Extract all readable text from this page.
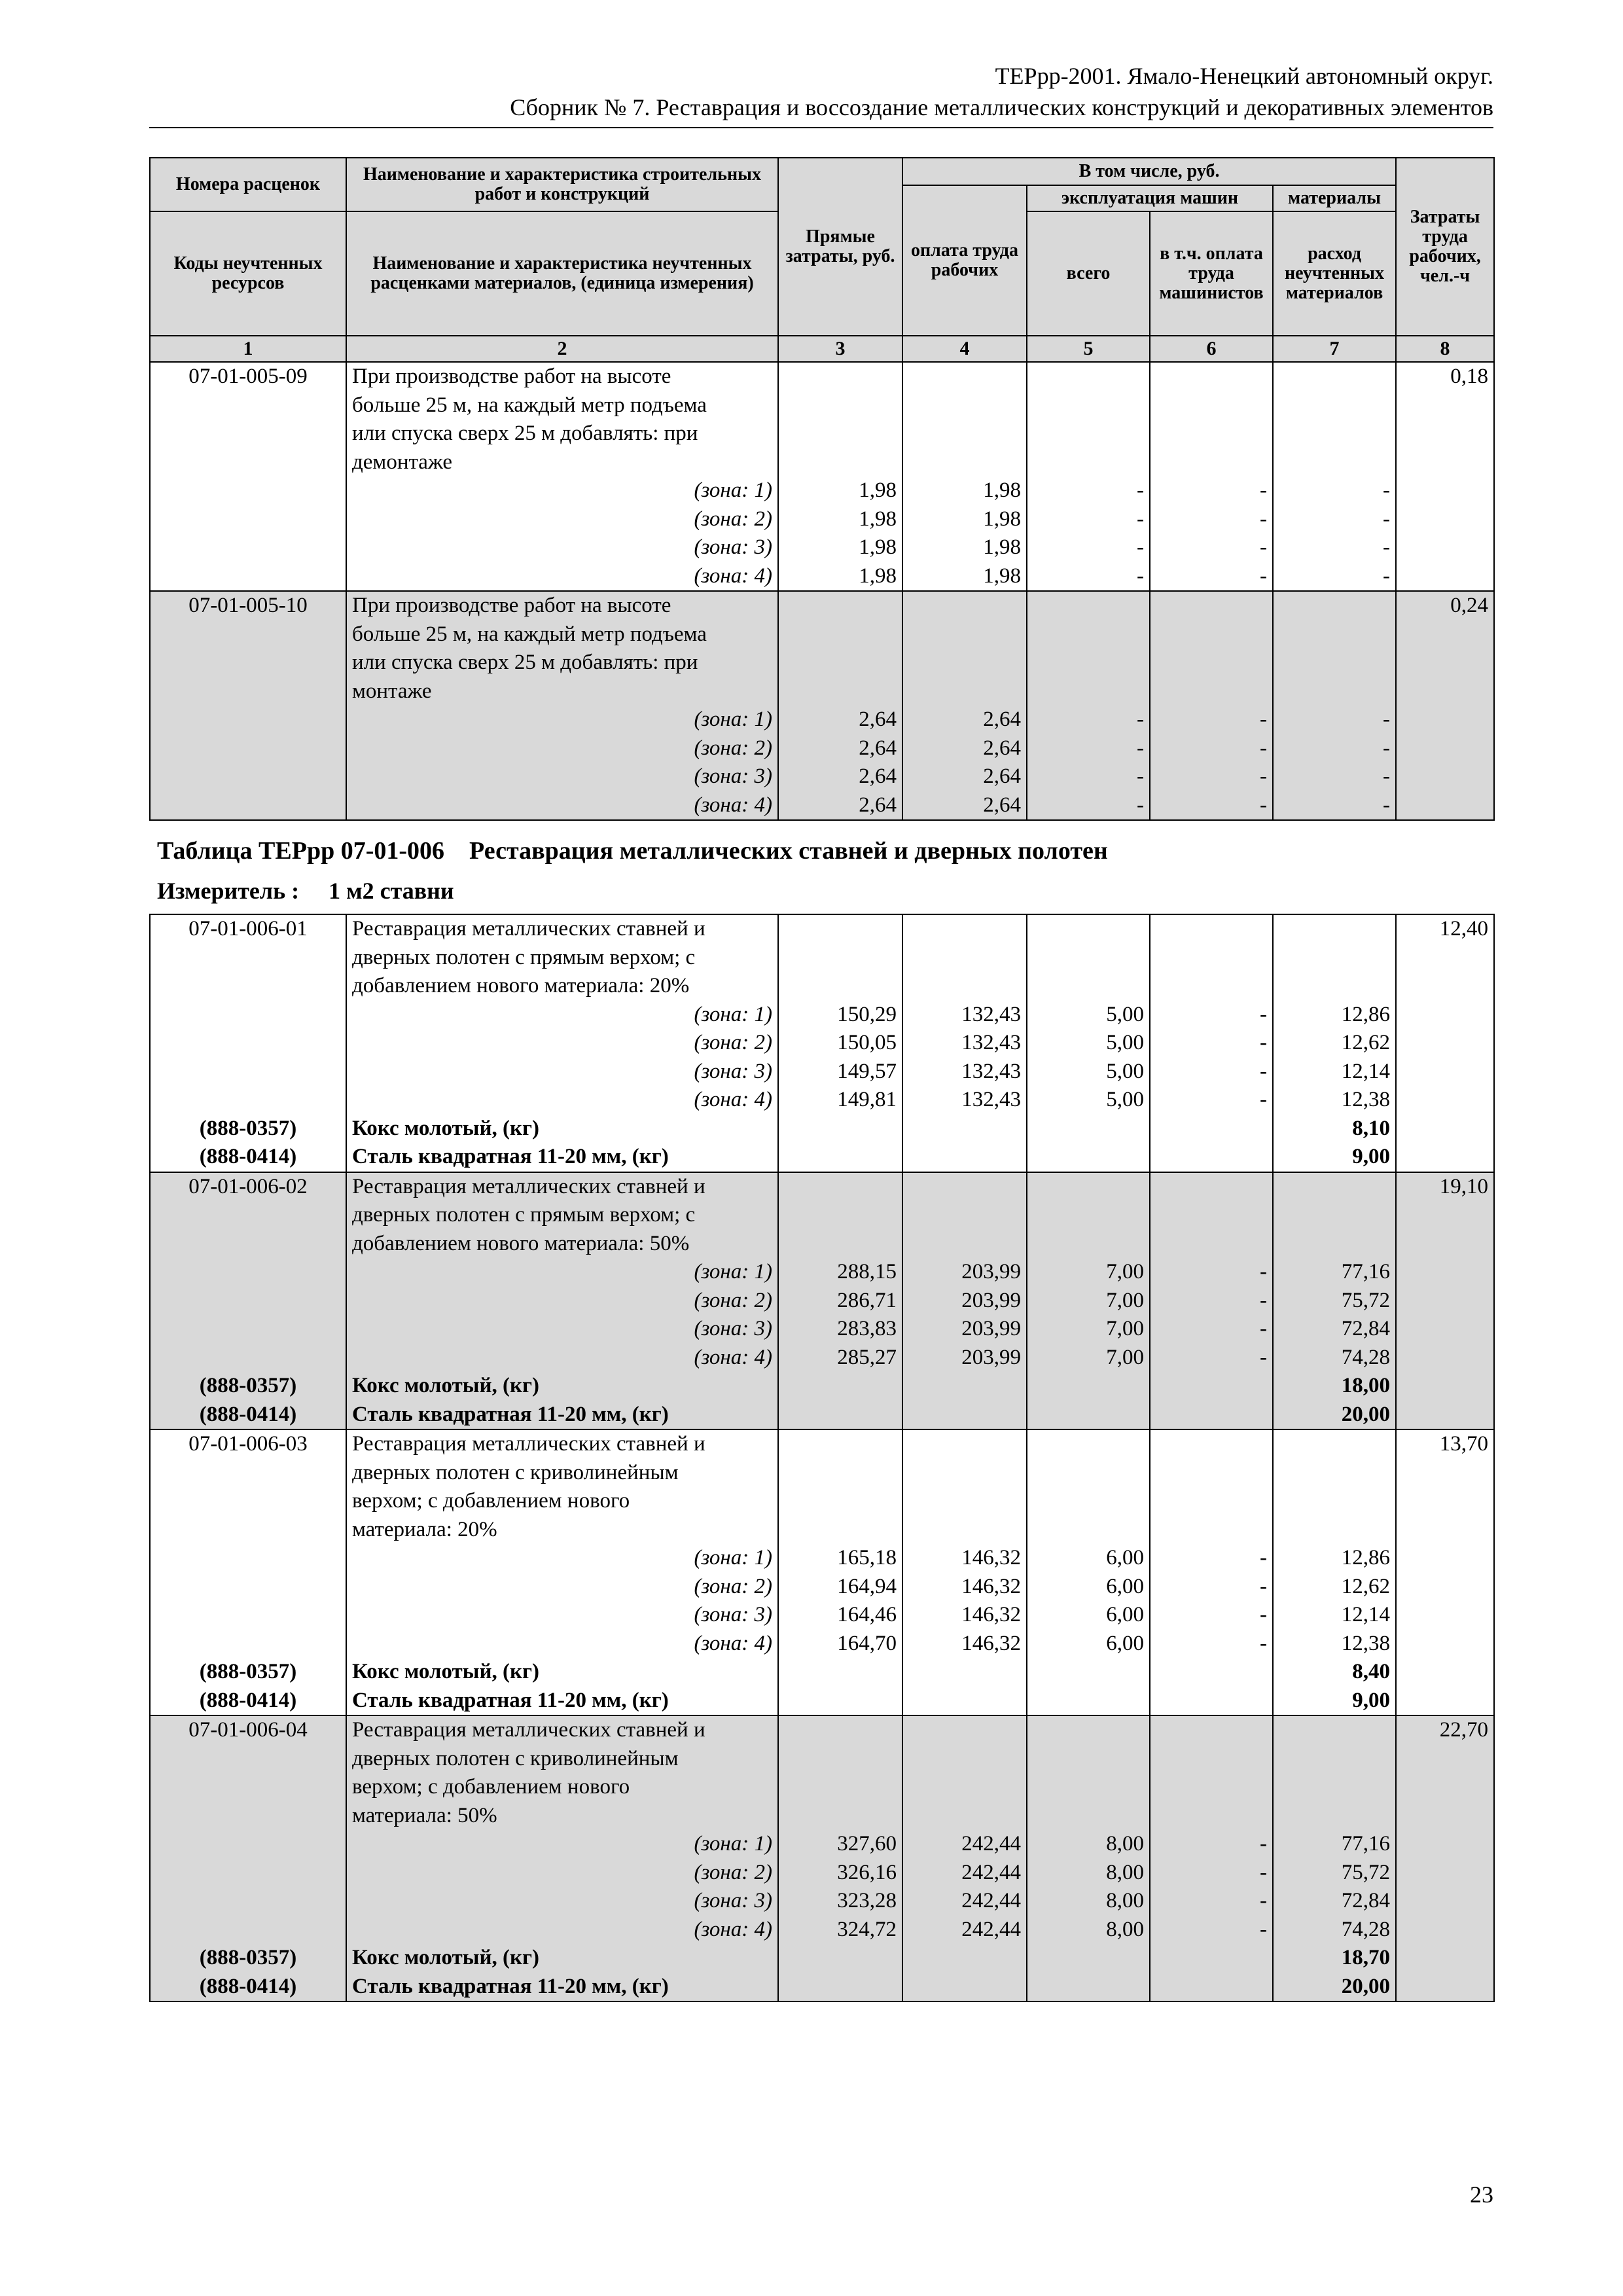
ТЕРрр-2001. Ямало-Ненецкий автономный округ.
Сборник № 7. Реставрация и воссоздание металлических конструкций и декоративных элементов
Номера расценок	Наименование и характеристика строительных работ и конструкций	Прямые затраты, руб.	В том числе, руб.				Затраты труда рабочих, чел.-ч
			оплата труда рабочих	эксплуатация машин		материалы	
Коды неучтенных ресурсов	Наименование и характеристика неучтенных расценками материалов, (единица измерения)			всего	в т.ч. оплата труда машинистов	расход неучтенных материалов	
1	2	3	4	5	6	7	8
07-01-005-09	При производстве работ на высоте						0,18
	больше 25 м, на каждый метр подъема						
	или спуска сверх 25 м добавлять: при						
	демонтаже						
	(зона: 1)	1,98	1,98	-	-	-	
	(зона: 2)	1,98	1,98	-	-	-	
	(зона: 3)	1,98	1,98	-	-	-	
	(зона: 4)	1,98	1,98	-	-	-	
07-01-005-10	При производстве работ на высоте						0,24
	больше 25 м, на каждый метр подъема						
	или спуска сверх 25 м добавлять: при						
	монтаже						
	(зона: 1)	2,64	2,64	-	-	-	
	(зона: 2)	2,64	2,64	-	-	-	
	(зона: 3)	2,64	2,64	-	-	-	
	(зона: 4)	2,64	2,64	-	-	-	
Таблица ТЕРрр 07-01-006    Реставрация металлических ставней и дверных полотен
Измеритель :     1 м2 ставни
07-01-006-01	Реставрация металлических ставней и						12,40
	дверных полотен с прямым верхом; с						
	добавлением нового материала: 20%						
	(зона: 1)	150,29	132,43	5,00	-	12,86	
	(зона: 2)	150,05	132,43	5,00	-	12,62	
	(зона: 3)	149,57	132,43	5,00	-	12,14	
	(зона: 4)	149,81	132,43	5,00	-	12,38	
(888-0357)	Кокс молотый, (кг)					8,10	
(888-0414)	Сталь квадратная 11-20 мм, (кг)					9,00	
07-01-006-02	Реставрация металлических ставней и						19,10
	дверных полотен с прямым верхом; с						
	добавлением нового материала: 50%						
	(зона: 1)	288,15	203,99	7,00	-	77,16	
	(зона: 2)	286,71	203,99	7,00	-	75,72	
	(зона: 3)	283,83	203,99	7,00	-	72,84	
	(зона: 4)	285,27	203,99	7,00	-	74,28	
(888-0357)	Кокс молотый, (кг)					18,00	
(888-0414)	Сталь квадратная 11-20 мм, (кг)					20,00	
07-01-006-03	Реставрация металлических ставней и						13,70
	дверных полотен с криволинейным						
	верхом; с добавлением нового						
	материала: 20%						
	(зона: 1)	165,18	146,32	6,00	-	12,86	
	(зона: 2)	164,94	146,32	6,00	-	12,62	
	(зона: 3)	164,46	146,32	6,00	-	12,14	
	(зона: 4)	164,70	146,32	6,00	-	12,38	
(888-0357)	Кокс молотый, (кг)					8,40	
(888-0414)	Сталь квадратная 11-20 мм, (кг)					9,00	
07-01-006-04	Реставрация металлических ставней и						22,70
	дверных полотен с криволинейным						
	верхом; с добавлением нового						
	материала: 50%						
	(зона: 1)	327,60	242,44	8,00	-	77,16	
	(зона: 2)	326,16	242,44	8,00	-	75,72	
	(зона: 3)	323,28	242,44	8,00	-	72,84	
	(зона: 4)	324,72	242,44	8,00	-	74,28	
(888-0357)	Кокс молотый, (кг)					18,70	
(888-0414)	Сталь квадратная 11-20 мм, (кг)					20,00	
23
